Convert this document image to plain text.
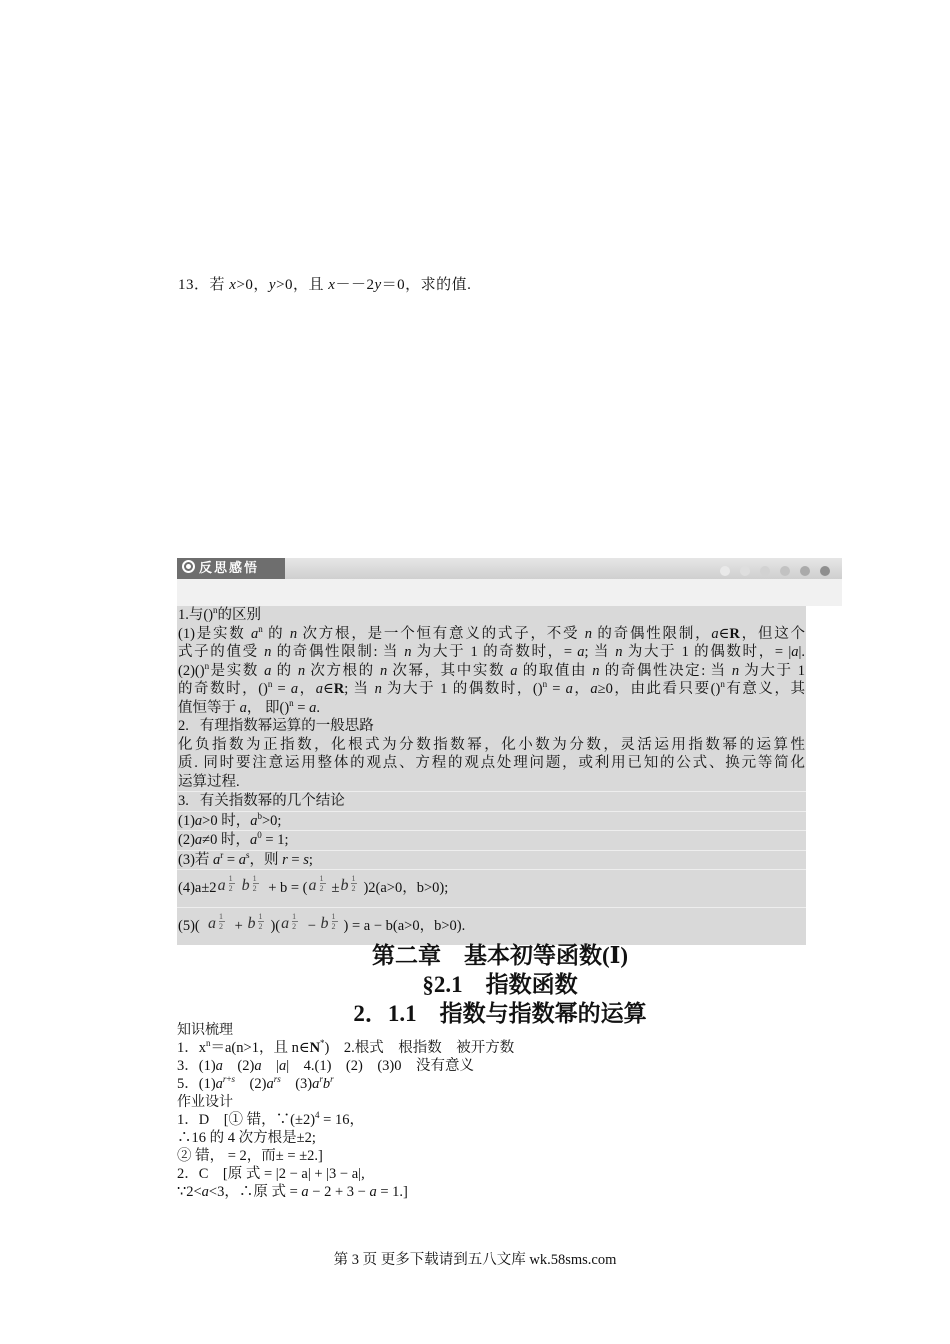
13．若 x>0，y>0，且 x－－2y＝0，求的值.
反思感悟
1.与()$^n$的区别
(1)是实数 $a^n$ 的 n 次方根，是一个恒有意义的式子，不受 n 的奇偶性限制，a∈R，但这个
式子的值受 n 的奇偶性限制: 当 n 为大于 1 的奇数时，= a; 当 n 为大于 1 的偶数时，= |a|.
(2)()$^n$是实数 a 的 n 次方根的 n 次幂，其中实数 a 的取值由 n 的奇偶性决定: 当 n 为大于 1
的奇数时，()$^n$ = a，a∈R; 当 n 为大于 1 的偶数时，()$^n$ = a，a≥0，由此看只要()$^n$有意义，其
值恒等于 a， 即()$^n$ = a.
2.   有理指数幂运算的一般思路
化负指数为正指数，化根式为分数指数幂，化小数为分数，灵活运用指数幂的运算性
质. 同时要注意运用整体的观点、方程的观点处理问题，或利用已知的公式、换元等简化
运算过程.
3.   有关指数幂的几个结论
(1)a>0 时，$a^b>0$;
(2)a≠0 时，$a^0 = 1$;
(3)若 $a^r = a^s$，则 r = s;
(4)a±2 a 1
2 b 1
2 + b = ( a 1
2 ± b 1
2 )2(a>0，b>0);
(5)( a 1
2 + b 1
2 )( a 1
2 − b 1
2 ) = a − b(a>0，b>0).
第二章　基本初等函数(Ⅰ)
§2.1　指数函数
2．1.1　指数与指数幂的运算
知识梳理
1．$x^n=a(n>1$，且 n∈N*)　2.根式　根指数　被开方数
3．(1)a　(2)a　|a|　4.(1)　(2)　(3)0　没有意义
5．$(1)a^{r+s}$　$(2)a^{rs}$　$(3)a^rb^r$
作业设计
1．D　[① 错，$\because(\pm 2)^4 = 16$，
∴16 的 4 次方根是±2;
② 错， = 2，而± = ±2.]
2．C　[原 式 = |2 − a| + |3 − a|,
∵2<a<3，∴原 式 = a − 2 + 3 − a = 1.]
第 3 页 更多下载请到五八文库 wk.58sms.com
